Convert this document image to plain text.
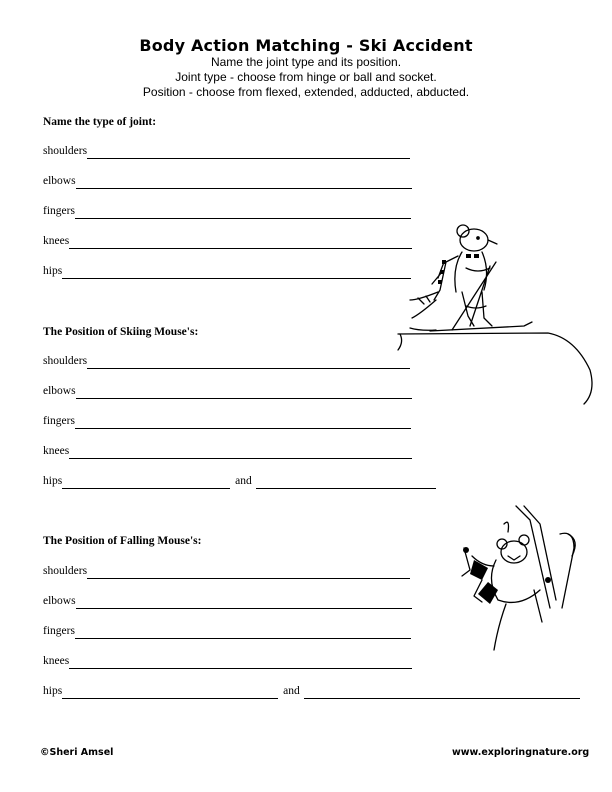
Body Action Matching - Ski Accident
Name the joint type and its position.
Joint type - choose from hinge or ball and socket.
Position - choose from flexed, extended, adducted, abducted.
Name the type of joint:
shoulders
elbows
fingers
knees
hips
The Position of Skiing Mouse's:
shoulders
elbows
fingers
knees
hips	and
The Position of Falling Mouse's:
shoulders
elbows
fingers
knees
hips	and
©Sheri Amsel	www.exploringnature.org
